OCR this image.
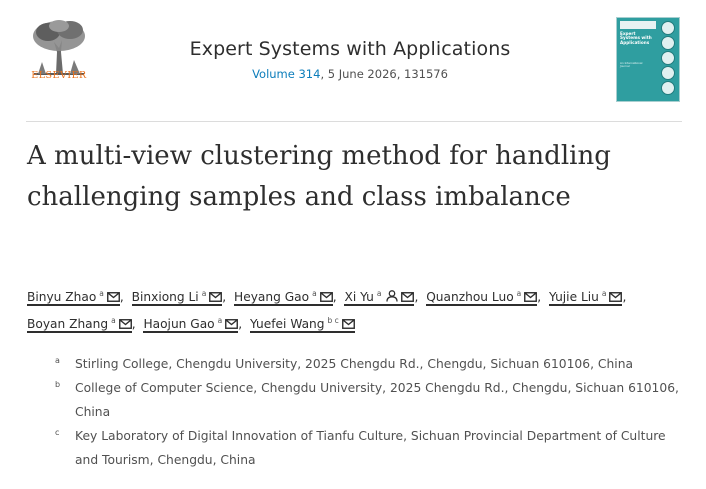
ELSEVIER
Expert Systems with Applications
Volume 314, 5 June 2026, 131576
Expert Systems with Applications
An International Journal
A multi-view clustering method for handling challenging samples and class imbalance
Binyu Zhao $^a$ , Binxiong Li $^a$ , Heyang Gao $^a$ , Xi Yu $^a$	, Quanzhou Luo $^a$ , Yujie Liu $^a$ , Boyan Zhang $^a$ , Haojun Gao $^a$ , Yuefei Wang $^{b c}$
a Stirling College, Chengdu University, 2025 Chengdu Rd., Chengdu, Sichuan 610106, China
b College of Computer Science, Chengdu University, 2025 Chengdu Rd., Chengdu, Sichuan 610106, China
c Key Laboratory of Digital Innovation of Tianfu Culture, Sichuan Provincial Department of Culture and Tourism, Chengdu, China
